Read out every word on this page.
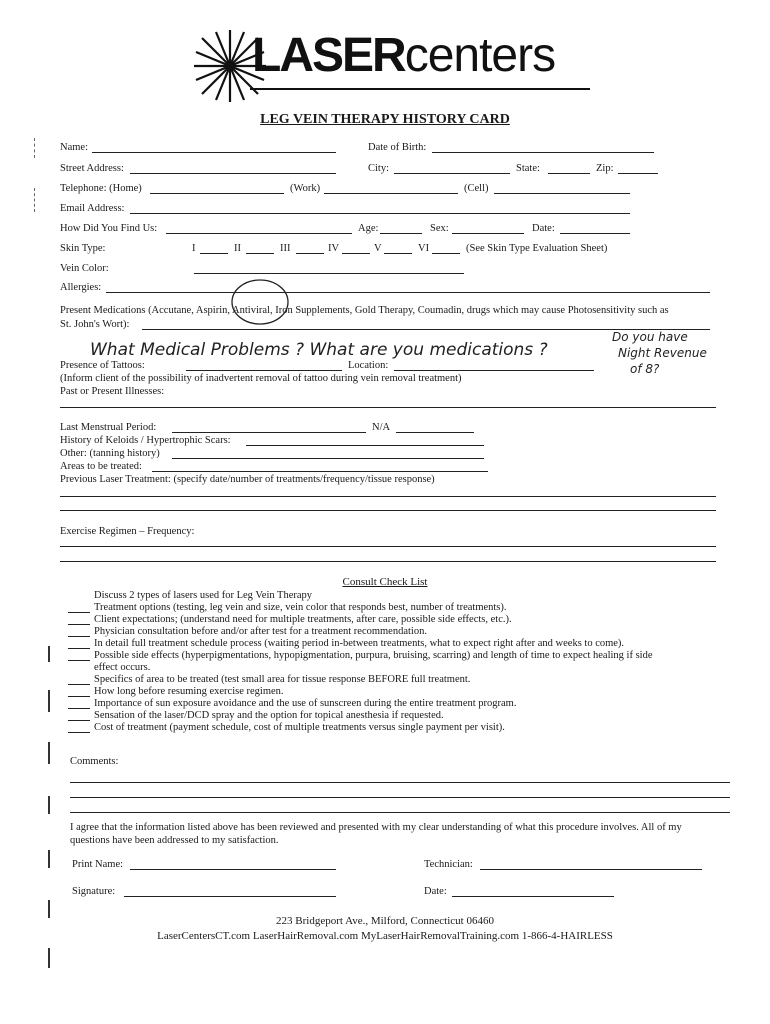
LASERcenters
LEG VEIN THERAPY HISTORY CARD
Name:	Date of Birth:
Street Address:	City:	State:	Zip:
Telephone: (Home)	(Work)	(Cell)
Email Address:
How Did You Find Us:	Age:	Sex:	Date:
Skin Type:	I	II	III	IV	V	VI	(See Skin Type Evaluation Sheet)
Vein Color:
Allergies:
Present Medications (Accutane, Aspirin, Antiviral, Iron Supplements, Gold Therapy, Coumadin, drugs which may cause Photosensitivity such as
St. John's Wort):
What Medical Problems ? What are you medications ?
Do you have
Night Revenue
of 8?
Presence of Tattoos:	Location:
(Inform client of the possibility of inadvertent removal of tattoo during vein removal treatment)
Past or Present Illnesses:
Last Menstrual Period:	N/A
History of Keloids / Hypertrophic Scars:
Other: (tanning history)
Areas to be treated:
Previous Laser Treatment: (specify date/number of treatments/frequency/tissue response)
Exercise Regimen – Frequency:
Consult Check List
Discuss 2 types of lasers used for Leg Vein Therapy
Treatment options (testing, leg vein and size, vein color that responds best, number of treatments).
Client expectations; (understand need for multiple treatments, after care, possible side effects, etc.).
Physician consultation before and/or after test for a treatment recommendation.
In detail full treatment schedule process (waiting period in-between treatments, what to expect right after and weeks to come).
Possible side effects (hyperpigmentations, hypopigmentation, purpura, bruising, scarring) and length of time to expect healing if side
effect occurs.
Specifics of area to be treated (test small area for tissue response BEFORE full treatment.
How long before resuming exercise regimen.
Importance of sun exposure avoidance and the use of sunscreen during the entire treatment program.
Sensation of the laser/DCD spray and the option for topical anesthesia if requested.
Cost of treatment (payment schedule, cost of multiple treatments versus single payment per visit).
Comments:
I agree that the information listed above has been reviewed and presented with my clear understanding of what this procedure involves. All of my
questions have been addressed to my satisfaction.
Print Name:	Technician:
Signature:	Date:
223 Bridgeport Ave., Milford, Connecticut 06460
LaserCentersCT.com LaserHairRemoval.com MyLaserHairRemovalTraining.com 1-866-4-HAIRLESS
